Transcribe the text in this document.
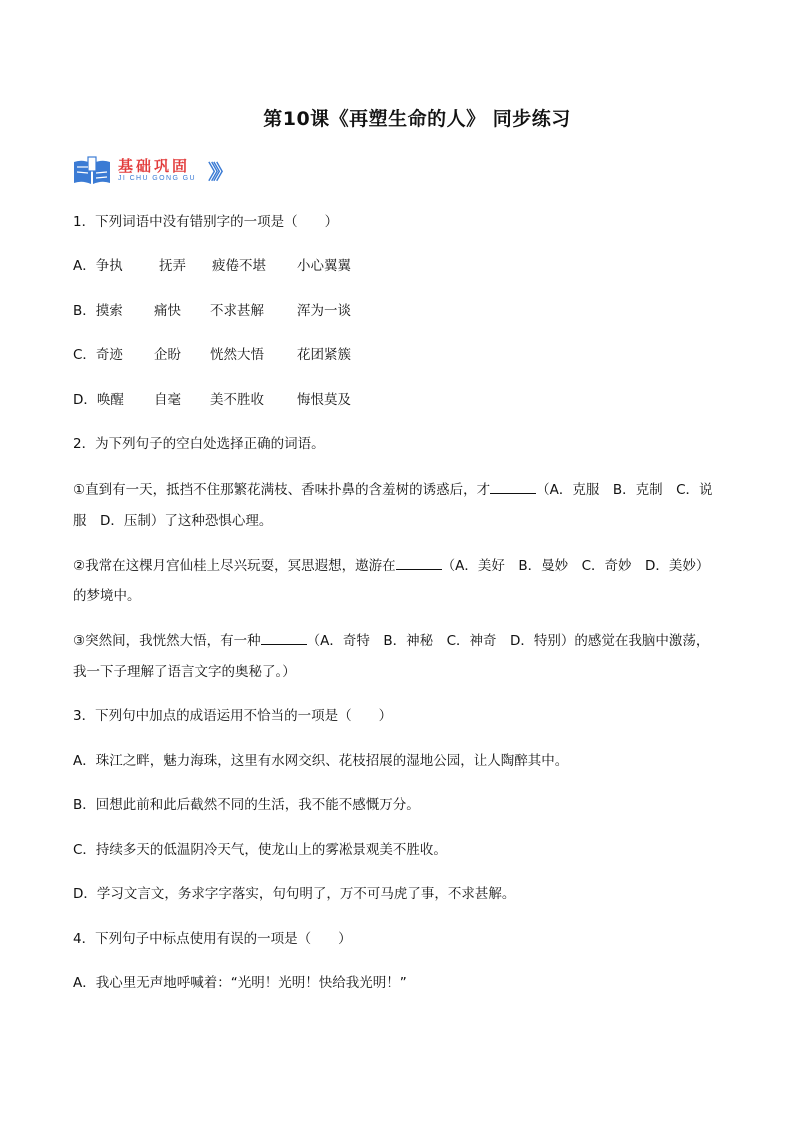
第10课《再塑生命的人》 同步练习
基础巩固
JI CHU GONG GU 》》
1．下列词语中没有错别字的一项是（　　）
A．争执	抚弄 疲倦不堪 小心翼翼
B．摸索 痛快 不求甚解 浑为一谈
C．奇迹 企盼 恍然大悟 花团紧簇
D．唤醒 自毫 美不胜收 悔恨莫及
2．为下列句子的空白处选择正确的词语。
①直到有一天，抵挡不住那繁花满枝、香味扑鼻的含羞树的诱惑后，才	（A．克服　B．克制　C．说
服　D．压制）了这种恐惧心理。
②我常在这棵月宫仙桂上尽兴玩耍，冥思遐想，遨游在	（A．美好　B．曼妙　C．奇妙　D．美妙）
的梦境中。
③突然间，我恍然大悟，有一种	（A．奇特　B．神秘　C．神奇　D．特别）的感觉在我脑中激荡，
我一下子理解了语言文字的奥秘了。）
3．下列句中加点的成语运用不恰当的一项是（　　）
A．珠江之畔，魅力海珠，这里有水网交织、花枝招展的湿地公园，让人陶醉其中。
B．回想此前和此后截然不同的生活，我不能不感慨万分。
C．持续多天的低温阴冷天气，使龙山上的雾凇景观美不胜收。
D．学习文言文，务求字字落实，句句明了，万不可马虎了事，不求甚解。
4．下列句子中标点使用有误的一项是（　　）
A．我心里无声地呼喊着：“光明！光明！快给我光明！”
